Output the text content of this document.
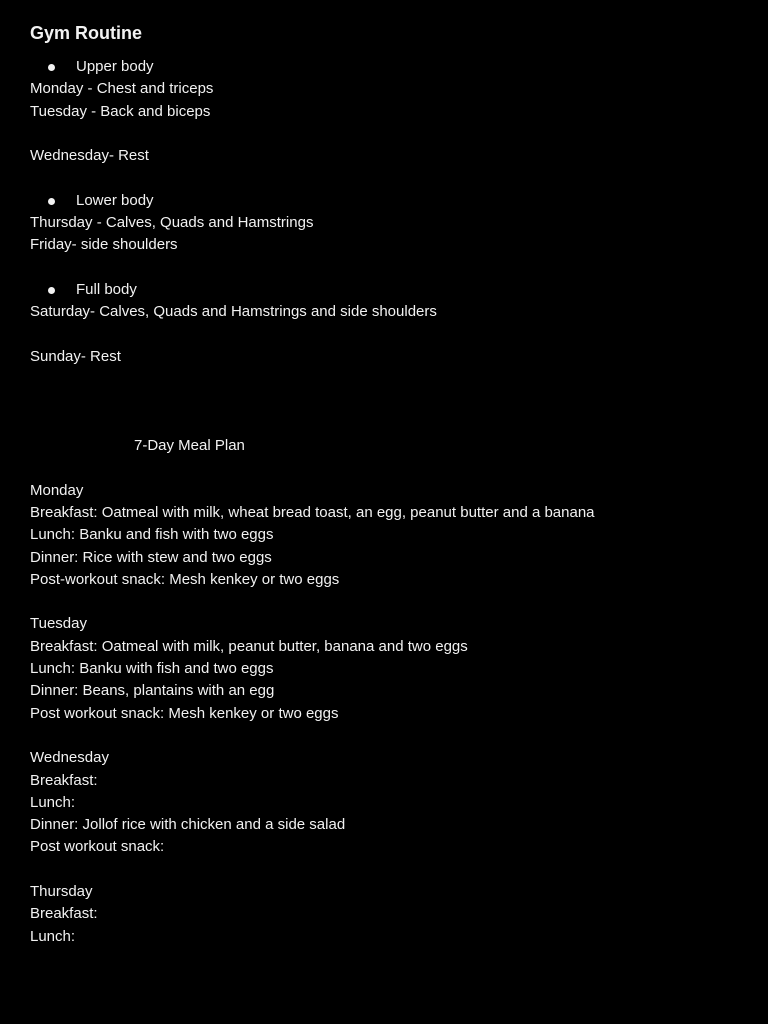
Gym Routine
Upper body
Monday - Chest and triceps
Tuesday - Back and biceps
Wednesday- Rest
Lower body
Thursday - Calves, Quads and Hamstrings
Friday- side shoulders
Full body
Saturday- Calves, Quads and Hamstrings and side shoulders
Sunday- Rest
7-Day Meal Plan
Monday
Breakfast: Oatmeal with milk, wheat bread toast, an egg, peanut butter and a banana
Lunch: Banku and fish with two eggs
Dinner: Rice with stew and two eggs
Post-workout snack: Mesh kenkey or two eggs
Tuesday
Breakfast: Oatmeal with milk, peanut butter, banana and two eggs
Lunch: Banku with fish and two eggs
Dinner: Beans, plantains with an egg
Post workout snack: Mesh kenkey or two eggs
Wednesday
Breakfast:
Lunch:
Dinner: Jollof rice with chicken and a side salad
Post workout snack:
Thursday
Breakfast:
Lunch:
